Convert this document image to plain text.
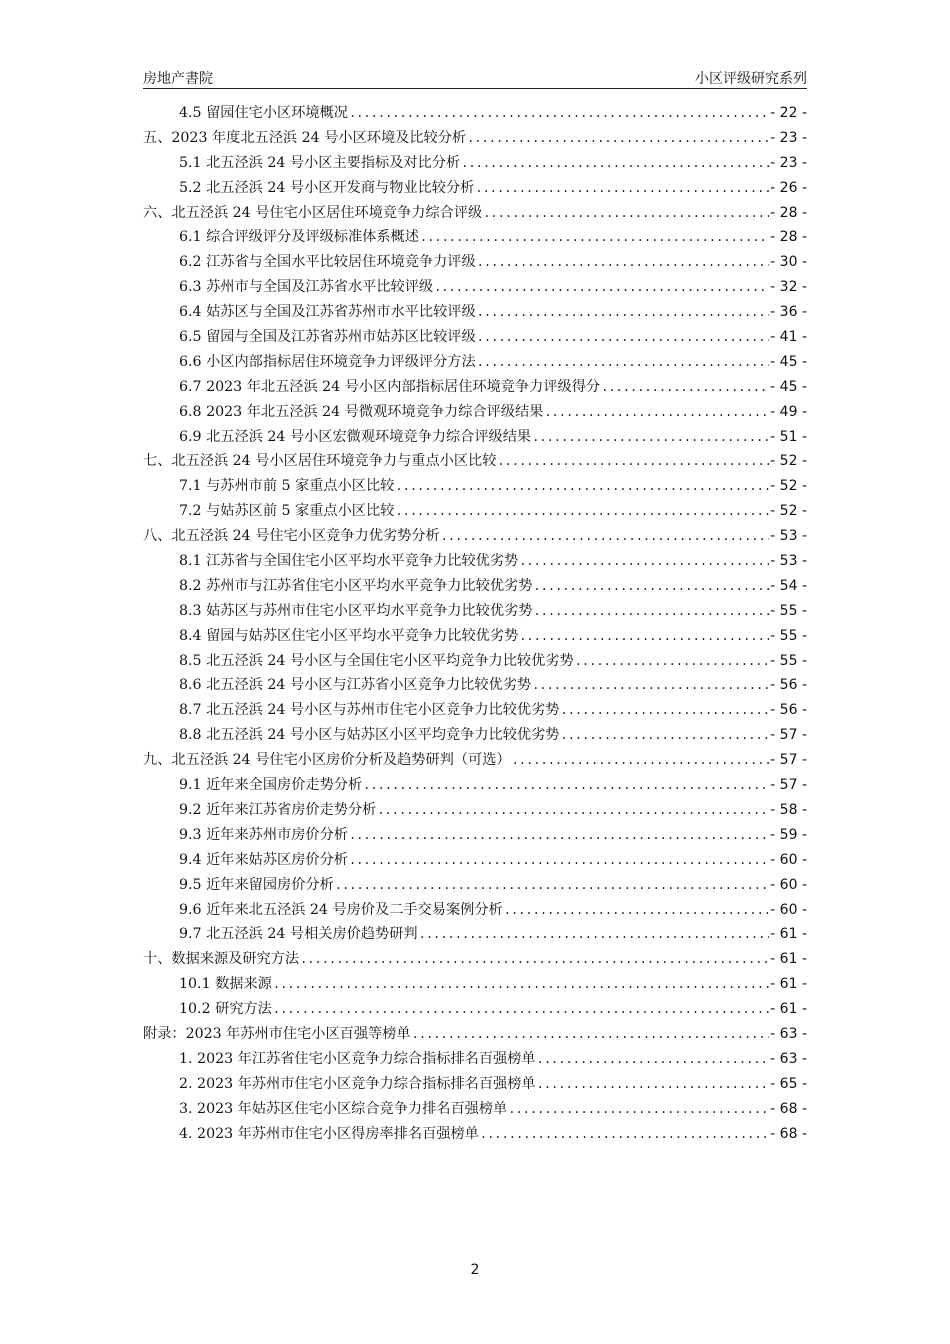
房地产書院	小区评级研究系列
4.5 留园住宅小区环境概况 .....	- 22 -
五、2023 年度北五泾浜 24 号小区环境及比较分析 .....	- 23 -
5.1 北五泾浜 24 号小区主要指标及对比分析 .....	- 23 -
5.2 北五泾浜 24 号小区开发商与物业比较分析 .....	- 26 -
六、北五泾浜 24 号住宅小区居住环境竞争力综合评级 .....	- 28 -
6.1 综合评级评分及评级标准体系概述 .....	- 28 -
6.2 江苏省与全国水平比较居住环境竞争力评级 .....	- 30 -
6.3 苏州市与全国及江苏省水平比较评级 .....	- 32 -
6.4 姑苏区与全国及江苏省苏州市水平比较评级 .....	- 36 -
6.5 留园与全国及江苏省苏州市姑苏区比较评级 .....	- 41 -
6.6 小区内部指标居住环境竞争力评级评分方法 .....	- 45 -
6.7 2023 年北五泾浜 24 号小区内部指标居住环境竞争力评级得分 .....	- 45 -
6.8 2023 年北五泾浜 24 号微观环境竞争力综合评级结果 .....	- 49 -
6.9 北五泾浜 24 号小区宏微观环境竞争力综合评级结果 .....	- 51 -
七、北五泾浜 24 号小区居住环境竞争力与重点小区比较 .....	- 52 -
7.1 与苏州市前 5 家重点小区比较 .....	- 52 -
7.2 与姑苏区前 5 家重点小区比较 .....	- 52 -
八、北五泾浜 24 号住宅小区竞争力优劣势分析 .....	- 53 -
8.1 江苏省与全国住宅小区平均水平竞争力比较优劣势 .....	- 53 -
8.2 苏州市与江苏省住宅小区平均水平竞争力比较优劣势 .....	- 54 -
8.3 姑苏区与苏州市住宅小区平均水平竞争力比较优劣势 .....	- 55 -
8.4 留园与姑苏区住宅小区平均水平竞争力比较优劣势 .....	- 55 -
8.5 北五泾浜 24 号小区与全国住宅小区平均竞争力比较优劣势 .....	- 55 -
8.6 北五泾浜 24 号小区与江苏省小区竞争力比较优劣势 .....	- 56 -
8.7 北五泾浜 24 号小区与苏州市住宅小区竞争力比较优劣势 .....	- 56 -
8.8 北五泾浜 24 号小区与姑苏区小区平均竞争力比较优劣势 .....	- 57 -
九、北五泾浜 24 号住宅小区房价分析及趋势研判（可选） .....	- 57 -
9.1 近年来全国房价走势分析 .....	- 57 -
9.2 近年来江苏省房价走势分析 .....	- 58 -
9.3 近年来苏州市房价分析 .....	- 59 -
9.4 近年来姑苏区房价分析 .....	- 60 -
9.5 近年来留园房价分析 .....	- 60 -
9.6 近年来北五泾浜 24 号房价及二手交易案例分析 .....	- 60 -
9.7 北五泾浜 24 号相关房价趋势研判 .....	- 61 -
十、数据来源及研究方法 .....	- 61 -
10.1 数据来源 .....	- 61 -
10.2 研究方法 .....	- 61 -
附录：2023 年苏州市住宅小区百强等榜单 .....	- 63 -
1. 2023 年江苏省住宅小区竞争力综合指标排名百强榜单 .....	- 63 -
2. 2023 年苏州市住宅小区竞争力综合指标排名百强榜单 .....	- 65 -
3. 2023 年姑苏区住宅小区综合竞争力排名百强榜单 .....	- 68 -
4. 2023 年苏州市住宅小区得房率排名百强榜单 .....	- 68 -
2
